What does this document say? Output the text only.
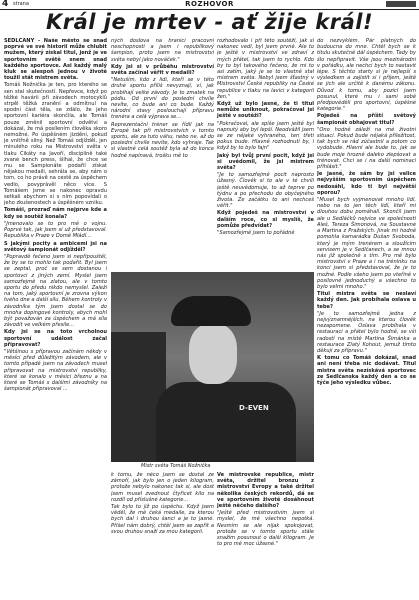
4 strana	ROZHOVOR
Král je mrtev - ať žije král!

SEDLČANY - Naše město se snad poprvé ve své historii může chlubit mužem, který získal titul, jenž je ve sportovním světě snem snad každého sportovce. Asi každý malý kluk se alespoň jednou v životě toužil stát mistrem světa.

Tomáš Nožnička je ten, pro kterého se sen stal skutečností. Nepřevce, když po těžké havárii při závodech motocyklů strpěl těžká zranění a odmítnul na spodní část těla, se zdálo, že jeho sportovní kariéra skončila, ale Tomáš pouze změnil sportovní odvětví a dokázal, že má posílením člověka skoro nemožné. Po úspěšném jizdění, pokud je vnitřně silný. Než Tomáš odjížděl, jen minulého roku na Mistrovství světa v tlaku Cikáty na Javoří, disciplíně také zvané bench press, šilhal, že chce se mu se Sampionáte podařil získat nějakou medaili, sehrála se, aby nám o tom, co ho právě na cestě za úspěchem vedlo, povyprávěl něco více. S Tomášem jsme se nakonec opravdu setkali abychom si s ním popovídali o jeho zkušenostech a úspěšném vzniku.

Tomáši, prozraď nám nejprve kde a kdy se soutěž konala?

"Jmenovalo se to pro mě o vojnu. Poprvé tak, jak jsem si už představoval. Republika v Praze v Domě Mládí...

S jakými pocity a ambicemi jsi na světový šampionát odjížděl?

"Popravdě řečeno jsem si nepřipouštěl, že by se to mohlo tak podařit. Byl jsem se zeptal, proč se sem dostanou i sportovci z jiných zemí. Myslel jsem samozřejmě na zlatou, ale v tomto sportu do předu nikdo nemyslel. Zaleží na tom, jaký sportovní je zrovna výkon tvého dne a další sílu. Během kontroly v závodníka tým jsem dostal se do mnoha dopingové kontroly, abych mohl být považován za úspěchem a má síla závodit ve velkém přesile...

Kdy jsi se na toto vrcholnou sportovní událost začal připravovat?

"Většinou s přípravou začínám někdy v měsíci před důležitým závodem, ale v tomto případě jsem na závodech musel připravovat na mistrovství republiky, které se konalo v měsíci březnu a na které se Tomáš s dalšími závodníky na šampionát připravoval ...

ných doslova na hranici pracovní neschopnosti a jsem i republikový šampion, proto jsem na mistrovství světa nebyl jako nováček."

Kdy jsi si v průběhu mistrovství světa začínal věřit v medaili?

"Netuším, kdo z lidí, kteří se v této druhé sportu příliš nevyznají, ví, jak probíhají velké závody. Je to zmatek na pódiu. Od první do poslední chvíle nevíte, co bude ani co bude. Každý národní stavy poslouchají přípravu trenéra a celá výprava se...

Reprezentační tréner se řídil jak na Evropě tak při mistrovstvích v tomto sportu, ale za tuto váhu, nebo ne, až do poslední chvíle nevíte, kdo vyhraje. Tak si vlastně celá soutěž byla až do konce hodně napínavá, trošku mě to

rozhodovalo i při této soutěži, jak si nakonec vedl, byl jsem prvně. Ale to je ještě v mistrovství ve zdraví z mých přátel, tak jsem to rychlo. Kdo by to byl takového řečeno, že mi to asi zatím, jaký je se to vlastně stal mistrem světa. Nebyl jsem šťastný v Mistrovství České republiky na České republice v tlaku na lavici v kategorii žen."

Když už bylo jasné, že ti titul nemůže uniknout, pokračoval jsi ještě v soutěži?

"Pokračoval, ale spíše jsem ještě byl napnutý aby byl lepší. Neodvážil jsem se ze nějaké vyhraného, ten třetí pokus bude. Hlavně rozhodnutí by, i když by to bylo fajn"

Jaký byl tvůj první pocit, když jsi si uvědomil, že jsi mistrem světa?

"Je to samozřejmě pocit naprosto úžasný. Člověk si to ale v té chvíli ještě neuvědomuje, to až teprve po týdnu a po přechodu do obyčejného života. Ze začátku to ani nechceš věřit."

Když pojedeš na mistrovství v dalším roce, co si myslíš, že pomůže předvídat?

"Samozřejmě jsem to pořádně

do nezvyklém. Pár platných do budoucna do mne. Chtěl bych se k titulu skutečně dál úspěchem. Tady by šlo nepřipravit. Vše jsou mezinárodní v pořádku, ale nechci bych to nastavit lépe. S těchto starty si je nejlepší s výsledkem a zajistit si i příjem, ještě se jich ale určitě k danému zákonu. Důvod k tomu, aby pozici jsem posunul, které mu i sami sobě předpověděli pro sportovní, úspěšné kategorie."

Pojedeš na příští světový šampionát obhajovat titul?

"Ono hodně záleží na mé životní situaci. Pokud bude nějaká příležitost, tak bych se rád zúčastnil a potom co vydobude. Hlavní ale bude to, jak se bude moje hrozně daleko zlepšovat a trénovat. Chci se i na další nominaci přihlásit."

Je jasné, že sám by jsi velice nejvyšším sportovním úspěchem nedosáhl, kdo ti byl největší oporou?

"Musel bych vyjmenovat mnoho lidí, nebo na to jen těch lidí, kteří mi dlouhou dobu pomáhali. Skončil jsem ale u Sedláčků nejvíce ve společnosti Aleš, Tereza Šimonová, na Soustavné a Martina z Pražských. Jinak mi hodně pomohla kamarádka Dušan Svoboda, který je mým trenérem a sloužícím servisem je v Sedlčanech, a se mnou nás již společně s tím. Pro mě bylo mistrovství v Praze a i na tréninku na konci jsem si představoval, že je to možné. Podle všeho jsem po vteřině v posilovně jednoduchý a všechno to bylo velmi mnoho."

Titul mistra světa se neslaví každý den. Jak probíhala oslava u tebe?

"Je to samozřejmě jedna z nejvýznamnějších, na kterou člověk nezapomene. Oslava probíhala v restauraci a přátel bylo hodně, se vší radostí na místě Martina Šimánka a restaurace Zlatý Kohout, jemuž tímto děkuji za přípravu."

K tomu co Tomáš dokázal, snad ani není třeba nic dodávat. Titul mistra světa nezískává sportovec ze Sedlčanska každý den a co se týče jeho výsledku vůbec.

D-EVEN
Mistr světa Tomáš Nožnička

k tomu, že něco jsem se dostal ze zámoří, jak bylo jen o jeden kilogram, protože nebylo nakonec tak si, ale dost jsem musel zvednout čtyřicet kilo na rozdíl od příslušné kategorie...

Tak bylo to již po úspěchu. Když jsem věděl, že mě čeká medaile, za kterou bych dal i druhou šanci a je to jasné. Přišel nám dobrý, chtěl jsem se zapřít a svou druhou snaží za mou kategorii.

Ve mistrovské republice, mistr světa, držitel bronzu z mistrovství Evropy a také držitel několika českých rekordů, dá se ve sportovním životě dosáhnout ještě něčeho dalšího?

"Ještě před mistrovstvím jsem si myslel, že mě všechno nepotká. Nesmím se ale nijak spokojovat, protože se v tomto sportu stále snažím posunout o další kilogram. Je to pro mě moc úžasné."
